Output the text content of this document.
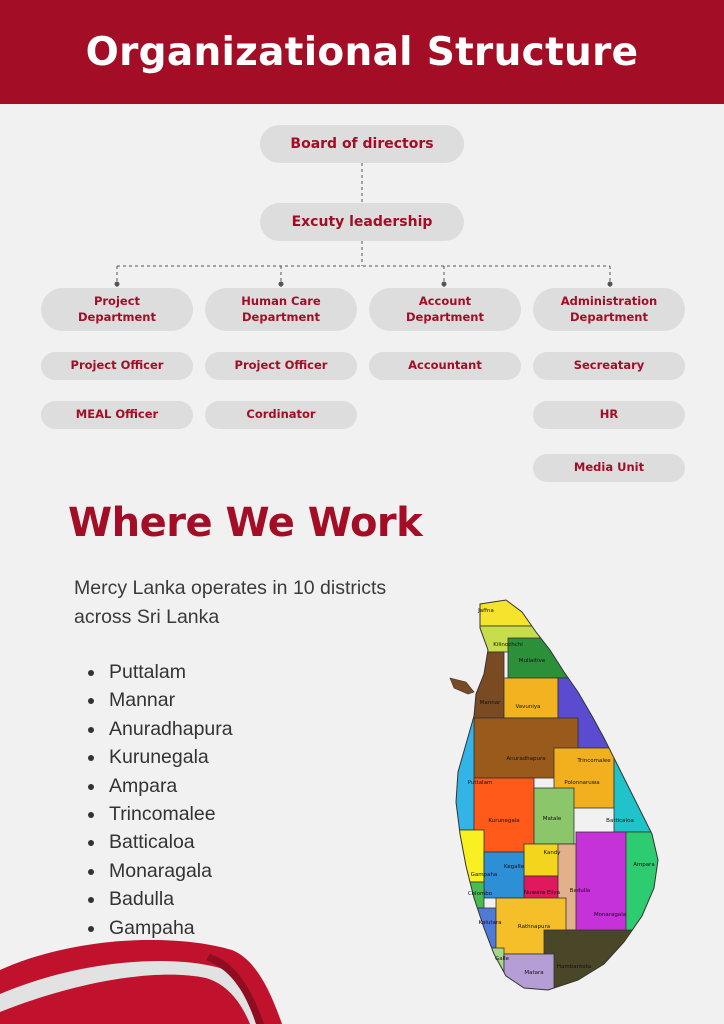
Organizational Structure
Board of directors
Excuty leadership
Project
Department
Human Care
Department
Account
Department
Administration
Department
Project Officer
MEAL Officer
Project Officer
Cordinator
Accountant	Secreatary
HR
Media Unit
Where We Work

Mercy Lanka operates in 10 districts across Sri Lanka

Puttalam
Mannar
Anuradhapura
Kurunegala
Ampara
Trincomalee
Batticaloa
Monaragala
Badulla
Gampaha
Jaffna
Kilinochchi
Mullaitive
Mannar
Vavuniya
Anuradhapura	Trincomalee
Puttalam	Polonnaruwa
Kurunegala	Batticaloa
Matale
Kandy
Ampara
Gampaha
Kegalle
Colombo	Nuwara Eliya Badulla
Kalutara
Monaragala
Rathnapura
Galle
Hambantota
Matara
